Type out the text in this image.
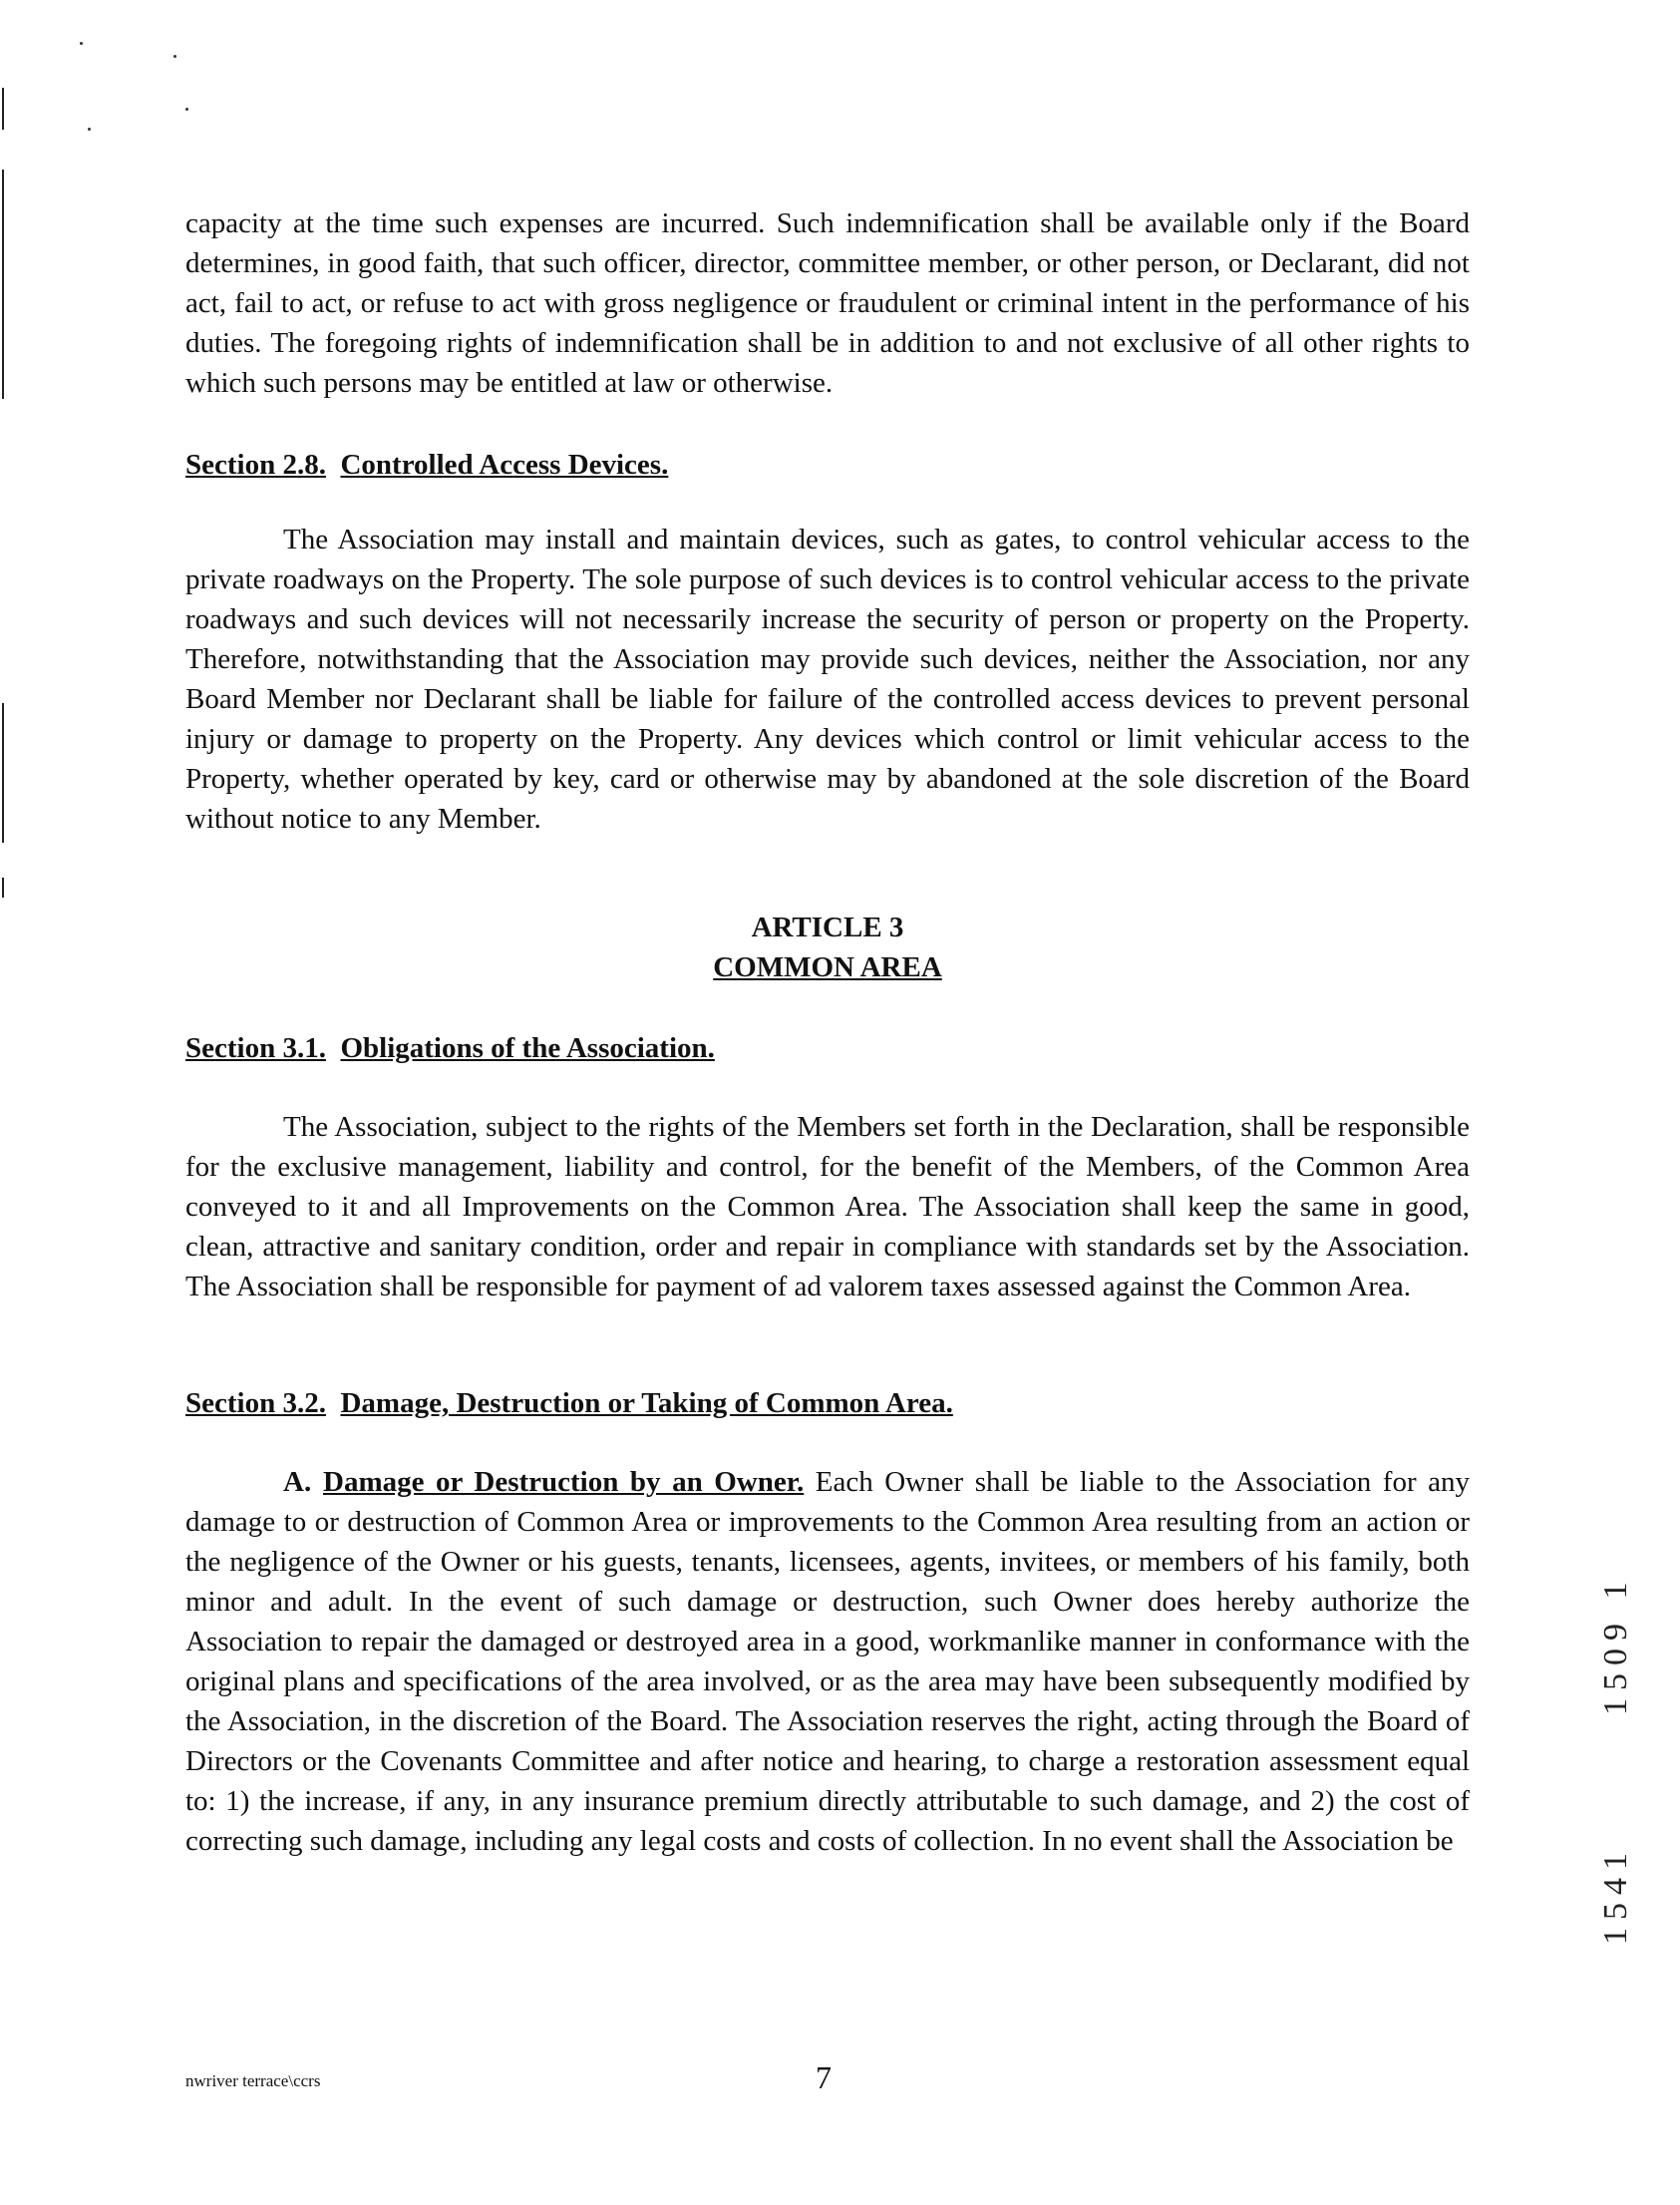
capacity at the time such expenses are incurred. Such indemnification shall be available only if the Board determines, in good faith, that such officer, director, committee member, or other person, or Declarant, did not act, fail to act, or refuse to act with gross negligence or fraudulent or criminal intent in the performance of his duties. The foregoing rights of indemnification shall be in addition to and not exclusive of all other rights to which such persons may be entitled at law or otherwise.

Section 2.8. Controlled Access Devices.

The Association may install and maintain devices, such as gates, to control vehicular access to the private roadways on the Property. The sole purpose of such devices is to control vehicular access to the private roadways and such devices will not necessarily increase the security of person or property on the Property. Therefore, notwithstanding that the Association may provide such devices, neither the Association, nor any Board Member nor Declarant shall be liable for failure of the controlled access devices to prevent personal injury or damage to property on the Property. Any devices which control or limit vehicular access to the Property, whether operated by key, card or otherwise may by abandoned at the sole discretion of the Board without notice to any Member.

ARTICLE 3

COMMON AREA

Section 3.1. Obligations of the Association.

The Association, subject to the rights of the Members set forth in the Declaration, shall be responsible for the exclusive management, liability and control, for the benefit of the Members, of the Common Area conveyed to it and all Improvements on the Common Area. The Association shall keep the same in good, clean, attractive and sanitary condition, order and repair in compliance with standards set by the Association. The Association shall be responsible for payment of ad valorem taxes assessed against the Common Area.

Section 3.2. Damage, Destruction or Taking of Common Area.

A. Damage or Destruction by an Owner. Each Owner shall be liable to the Association for any damage to or destruction of Common Area or improvements to the Common Area resulting from an action or the negligence of the Owner or his guests, tenants, licensees, agents, invitees, or members of his family, both minor and adult. In the event of such damage or destruction, such Owner does hereby authorize the Association to repair the damaged or destroyed area in a good, workmanlike manner in conformance with the original plans and specifications of the area involved, or as the area may have been subsequently modified by the Association, in the discretion of the Board. The Association reserves the right, acting through the Board of Directors or the Covenants Committee and after notice and hearing, to charge a restoration assessment equal to: 1) the increase, if any, in any insurance premium directly attributable to such damage, and 2) the cost of correcting such damage, including any legal costs and costs of collection. In no event shall the Association be

nwriver terrace\ccrs	7
1509 1
1541
